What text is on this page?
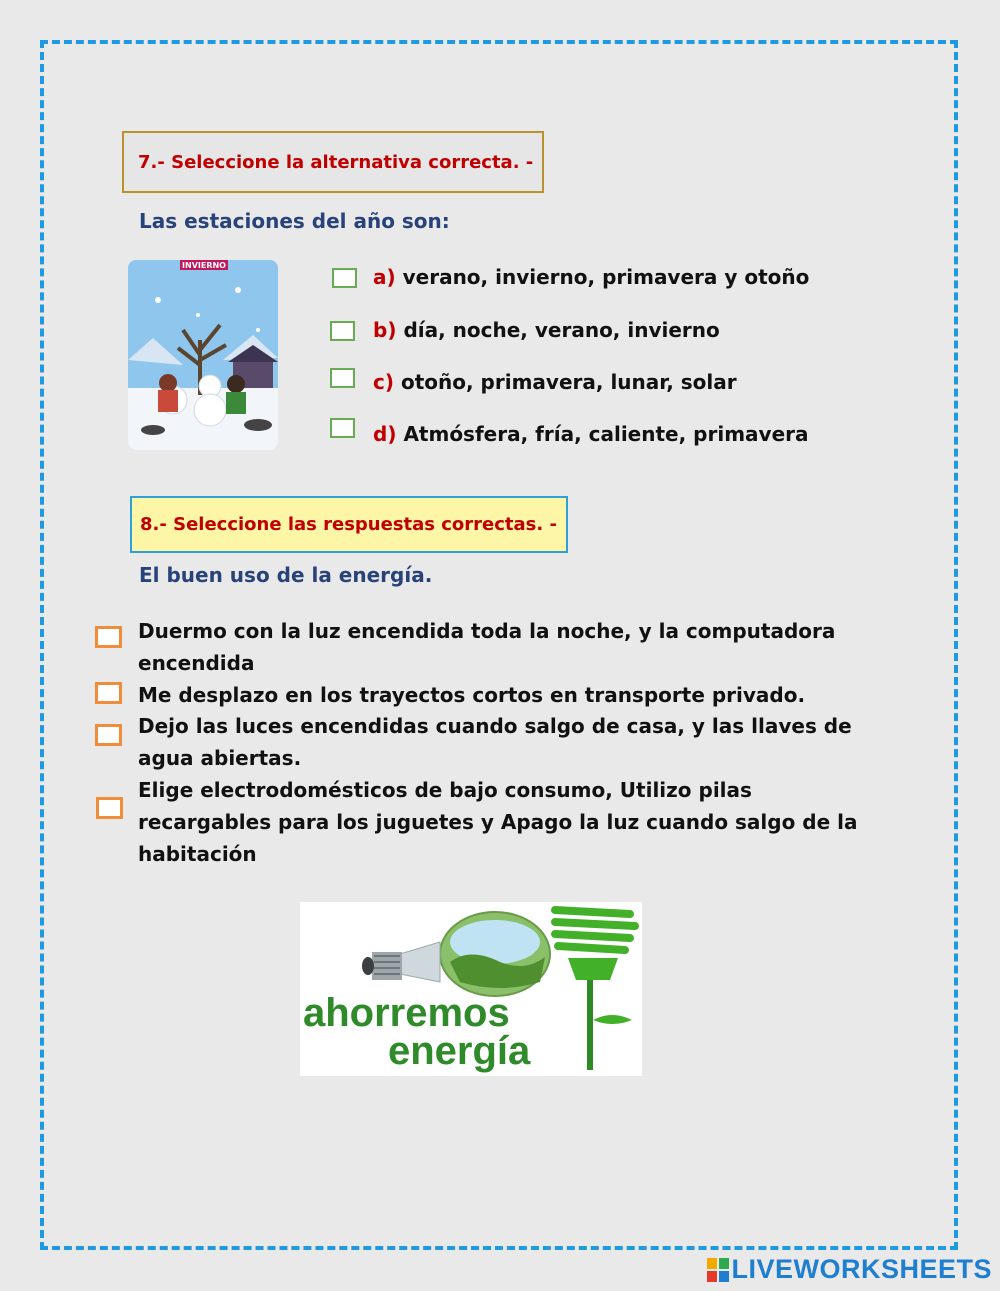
7.- Seleccione la alternativa correcta. -
Las estaciones del año son:
INVIERNO	a) verano, invierno, primavera y otoño
b) día, noche, verano, invierno
c) otoño, primavera, lunar, solar
d) Atmósfera, fría, caliente, primavera
8.- Seleccione las respuestas correctas. -
El buen uso de la energía.
Duermo con la luz encendida toda la noche, y la computadora encendida
Me desplazo en los trayectos cortos en transporte privado.
Dejo las luces encendidas cuando salgo de casa, y las llaves de agua abiertas.
Elige electrodomésticos de bajo consumo, Utilizo pilas recargables para los juguetes y Apago la luz cuando salgo de la habitación
ahorremos
energía
LIVEWORKSHEETS
